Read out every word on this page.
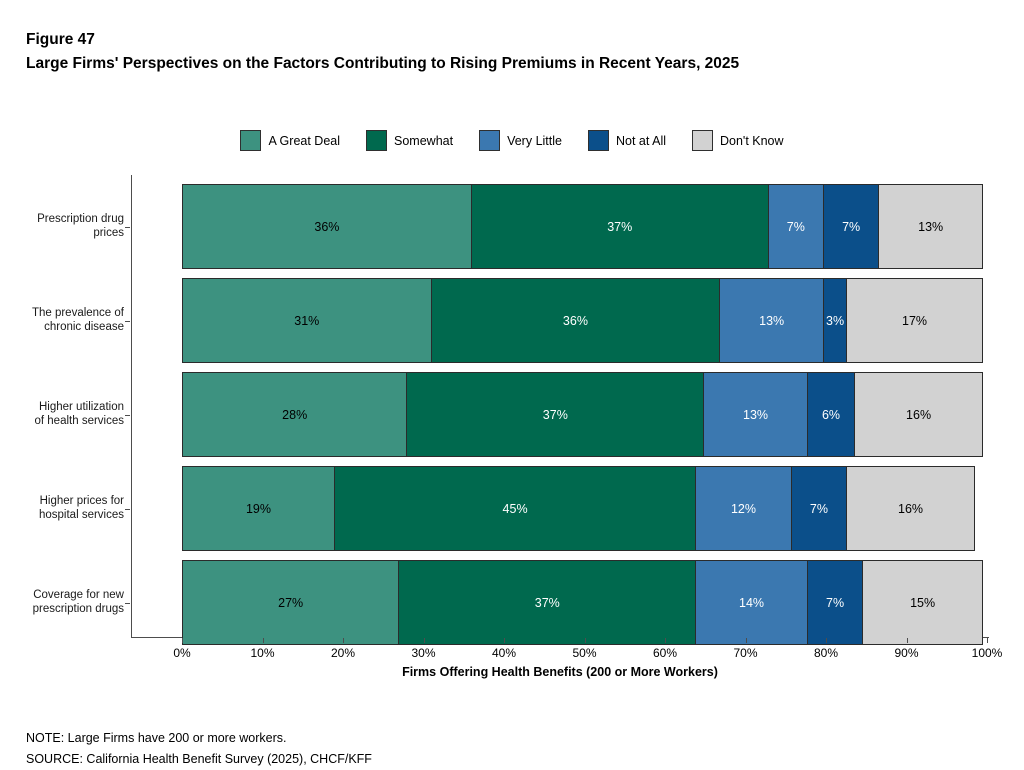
Figure 47
Large Firms' Perspectives on the Factors Contributing to Rising Premiums in Recent Years, 2025
A Great Deal	Somewhat	Very Little	Not at All	Don't Know
Prescription drug
prices
The prevalence of
chronic disease
Higher utilization
of health services
Higher prices for
hospital services
Coverage for new
prescription drugs
36%	37%	7%	7%	13%
31%	36%	13%	3%	17%
28%	37%	13%	6%	16%
19%	45%	12%	7%	16%
27%	37%	14%	7%	15%
0%	10%	20%	30%	40%	50%	60%	70%	80%	90%	100%
Firms Offering Health Benefits (200 or More Workers)
NOTE: Large Firms have 200 or more workers.
SOURCE: California Health Benefit Survey (2025), CHCF/KFF
